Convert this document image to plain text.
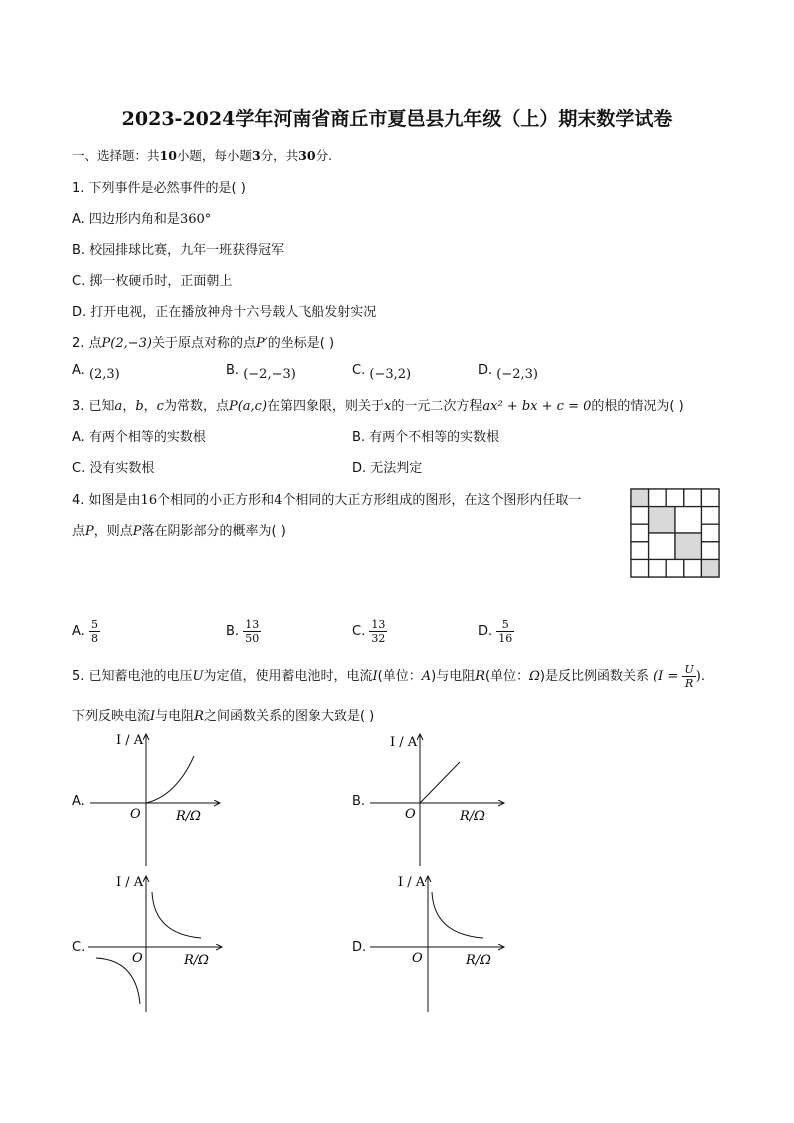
2023-2024学年河南省商丘市夏邑县九年级（上）期末数学试卷
一、选择题：共10小题，每小题3分，共30分.
1. 下列事件是必然事件的是( )
A. 四边形内角和是360°
B. 校园排球比赛，九年一班获得冠军
C. 掷一枚硬币时，正面朝上
D. 打开电视，正在播放神舟十六号载人飞船发射实况
2. 点P(2,−3)关于原点对称的点P′的坐标是( )
A. (2,3)	B. (−2,−3)	C. (−3,2)	D. (−2,3)
3. 已知a，b，c为常数，点P(a,c)在第四象限，则关于x的一元二次方程ax² + bx + c = 0的根的情况为( )
A. 有两个相等的实数根	B. 有两个不相等的实数根
C. 没有实数根	D. 无法判定
4. 如图是由16个相同的小正方形和4个相同的大正方形组成的图形，在这个图形内任取一
点P，则点P落在阴影部分的概率为( )
A. $\frac{5}{8}$	B. $\frac{13}{50}$	C. $\frac{13}{32}$	D. $\frac{5}{16}$
5. 已知蓄电池的电压U为定值，使用蓄电池时，电流I(单位：A)与电阻R(单位：Ω)是反比例函数关系 ($I = \frac{U}{R}$ ).
下列反映电流I与电阻R之间函数关系的图象大致是( )
A.	B.
C.	D.
I / A
R/Ω
O
I / A
R/Ω
O
I / A
R/Ω
O
I / A
R/Ω
O
